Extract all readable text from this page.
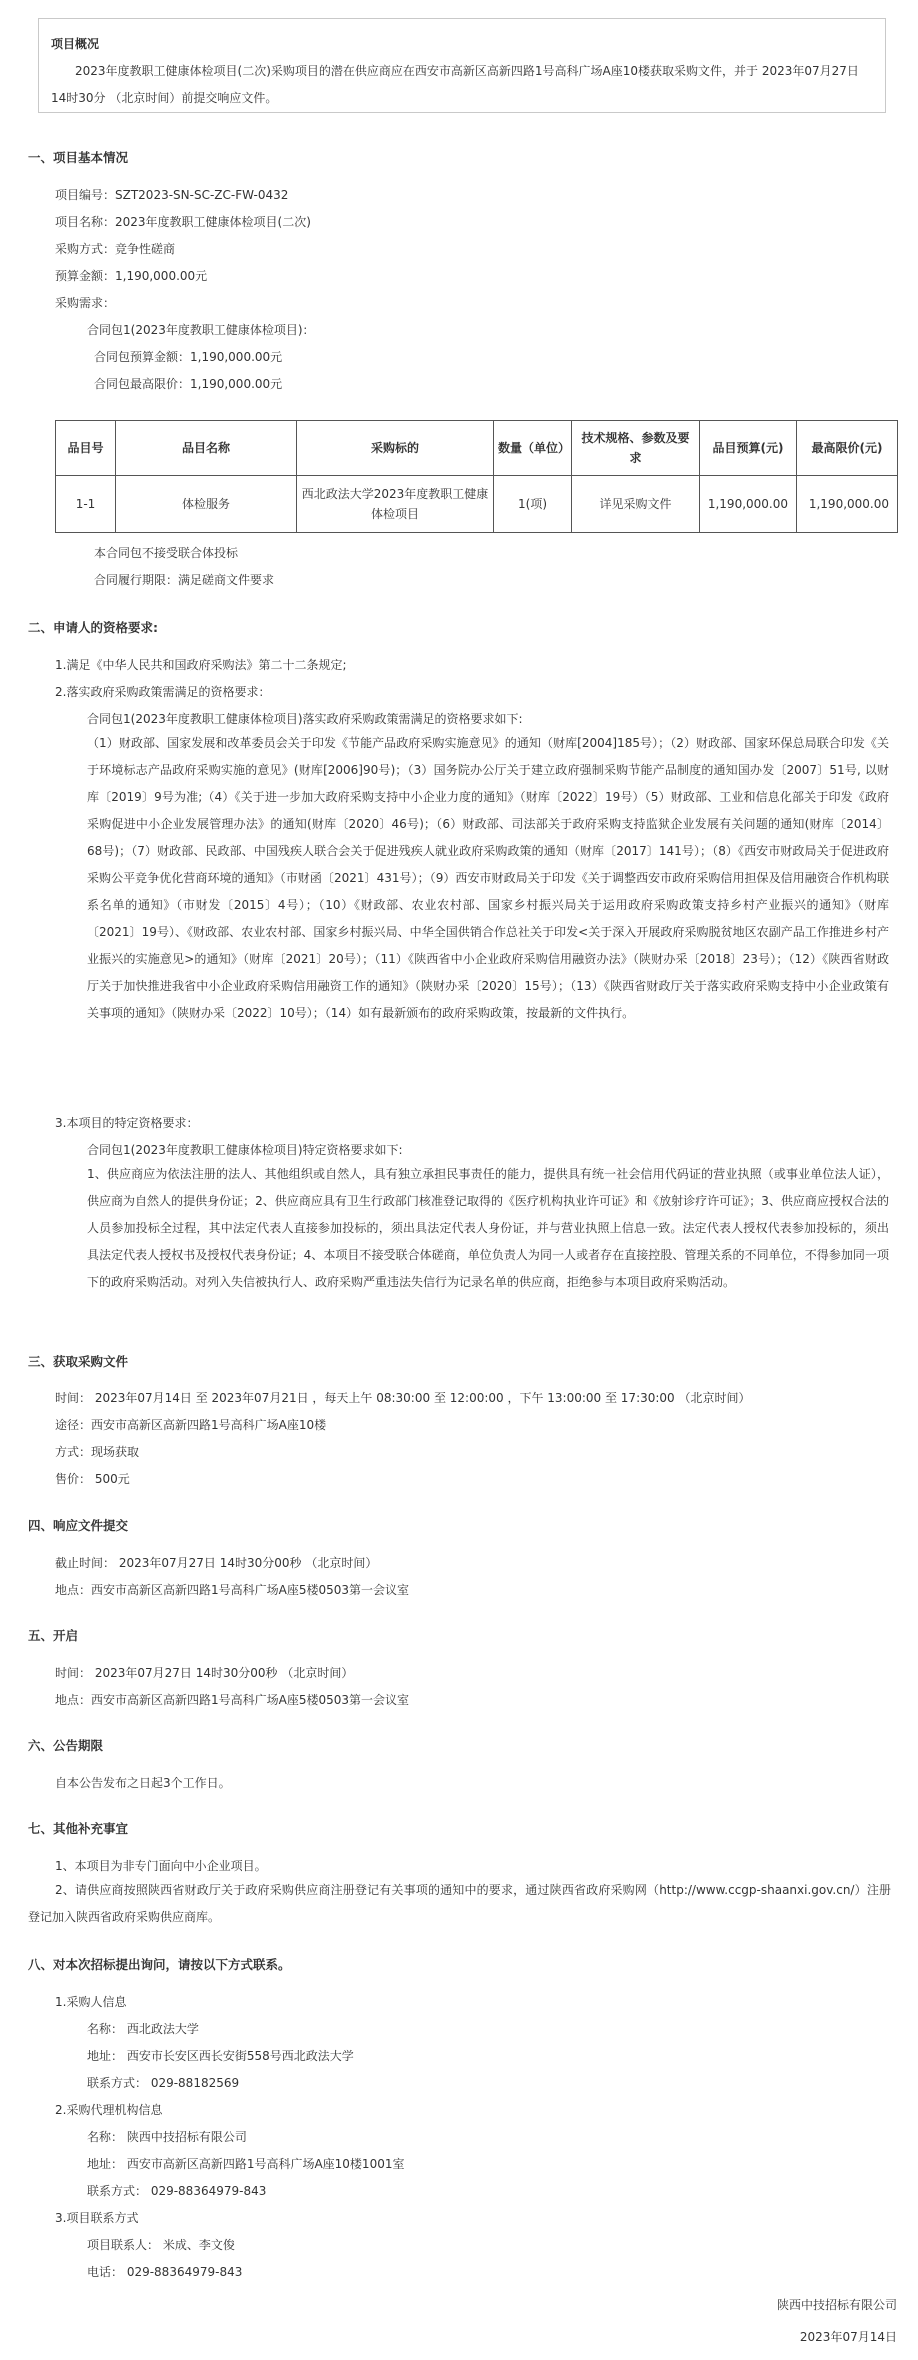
项目概况
2023年度教职工健康体检项目(二次)采购项目的潜在供应商应在西安市高新区高新四路1号高科广场A座10楼获取采购文件，并于 2023年07月27日 14时30分 （北京时间）前提交响应文件。
一、项目基本情况
项目编号：SZT2023-SN-SC-ZC-FW-0432
项目名称：2023年度教职工健康体检项目(二次)
采购方式：竞争性磋商
预算金额：1,190,000.00元
采购需求：
合同包1(2023年度教职工健康体检项目)：
合同包预算金额：1,190,000.00元
合同包最高限价：1,190,000.00元
品目号	品目名称	采购标的	数量（单位）	技术规格、参数及要求	品目预算(元)	最高限价(元)
1-1	体检服务	西北政法大学2023年度教职工健康体检项目	1(项)	详见采购文件	1,190,000.00	1,190,000.00
本合同包不接受联合体投标
合同履行期限：满足磋商文件要求
二、申请人的资格要求:
1.满足《中华人民共和国政府采购法》第二十二条规定;
2.落实政府采购政策需满足的资格要求：
合同包1(2023年度教职工健康体检项目)落实政府采购政策需满足的资格要求如下:
（1）财政部、国家发展和改革委员会关于印发《节能产品政府采购实施意见》的通知（财库[2004]185号）；（2）财政部、国家环保总局联合印发《关于环境标志产品政府采购实施的意见》(财库[2006]90号)；（3）国务院办公厅关于建立政府强制采购节能产品制度的通知国办发〔2007〕51号, 以财库〔2019〕9号为准;（4）《关于进一步加大政府采购支持中小企业力度的通知》（财库〔2022〕19号）（5）财政部、工业和信息化部关于印发《政府采购促进中小企业发展管理办法》的通知(财库〔2020〕46号)；（6）财政部、司法部关于政府采购支持监狱企业发展有关问题的通知(财库〔2014〕68号)；（7）财政部、民政部、中国残疾人联合会关于促进残疾人就业政府采购政策的通知（财库〔2017〕141号）；（8）《西安市财政局关于促进政府采购公平竞争优化营商环境的通知》（市财函〔2021〕431号）；（9）西安市财政局关于印发《关于调整西安市政府采购信用担保及信用融资合作机构联系名单的通知》（市财发〔2015〕4号）；（10）《财政部、农业农村部、国家乡村振兴局关于运用政府采购政策支持乡村产业振兴的通知》（财库〔2021〕19号）、《财政部、农业农村部、国家乡村振兴局、中华全国供销合作总社关于印发<关于深入开展政府采购脱贫地区农副产品工作推进乡村产业振兴的实施意见>的通知》（财库〔2021〕20号）；（11）《陕西省中小企业政府采购信用融资办法》（陕财办采〔2018〕23号）；（12）《陕西省财政厅关于加快推进我省中小企业政府采购信用融资工作的通知》（陕财办采〔2020〕15号）；（13）《陕西省财政厅关于落实政府采购支持中小企业政策有关事项的通知》（陕财办采〔2022〕10号）；（14）如有最新颁布的政府采购政策，按最新的文件执行。
3.本项目的特定资格要求：
合同包1(2023年度教职工健康体检项目)特定资格要求如下:
1、供应商应为依法注册的法人、其他组织或自然人，具有独立承担民事责任的能力，提供具有统一社会信用代码证的营业执照（或事业单位法人证），供应商为自然人的提供身份证；2、供应商应具有卫生行政部门核准登记取得的《医疗机构执业许可证》和《放射诊疗许可证》；3、供应商应授权合法的人员参加投标全过程，其中法定代表人直接参加投标的，须出具法定代表人身份证，并与营业执照上信息一致。法定代表人授权代表参加投标的，须出具法定代表人授权书及授权代表身份证；4、本项目不接受联合体磋商，单位负责人为同一人或者存在直接控股、管理关系的不同单位，不得参加同一项下的政府采购活动。对列入失信被执行人、政府采购严重违法失信行为记录名单的供应商，拒绝参与本项目政府采购活动。
三、获取采购文件
时间： 2023年07月14日 至 2023年07月21日 ，每天上午 08:30:00 至 12:00:00 ，下午 13:00:00 至 17:30:00 （北京时间）
途径：西安市高新区高新四路1号高科广场A座10楼
方式：现场获取
售价： 500元
四、响应文件提交
截止时间： 2023年07月27日 14时30分00秒 （北京时间）
地点：西安市高新区高新四路1号高科广场A座5楼0503第一会议室
五、开启
时间： 2023年07月27日 14时30分00秒 （北京时间）
地点：西安市高新区高新四路1号高科广场A座5楼0503第一会议室
六、公告期限
自本公告发布之日起3个工作日。
七、其他补充事宜
1、本项目为非专门面向中小企业项目。
2、请供应商按照陕西省财政厅关于政府采购供应商注册登记有关事项的通知中的要求，通过陕西省政府采购网（http://www.ccgp-shaanxi.gov.cn/）注册登记加入陕西省政府采购供应商库。
八、对本次招标提出询问，请按以下方式联系。
1.采购人信息
名称： 西北政法大学
地址： 西安市长安区西长安街558号西北政法大学
联系方式： 029-88182569
2.采购代理机构信息
名称： 陕西中技招标有限公司
地址： 西安市高新区高新四路1号高科广场A座10楼1001室
联系方式： 029-88364979-843
3.项目联系方式
项目联系人： 米成、李文俊
电话： 029-88364979-843
陕西中技招标有限公司
2023年07月14日
